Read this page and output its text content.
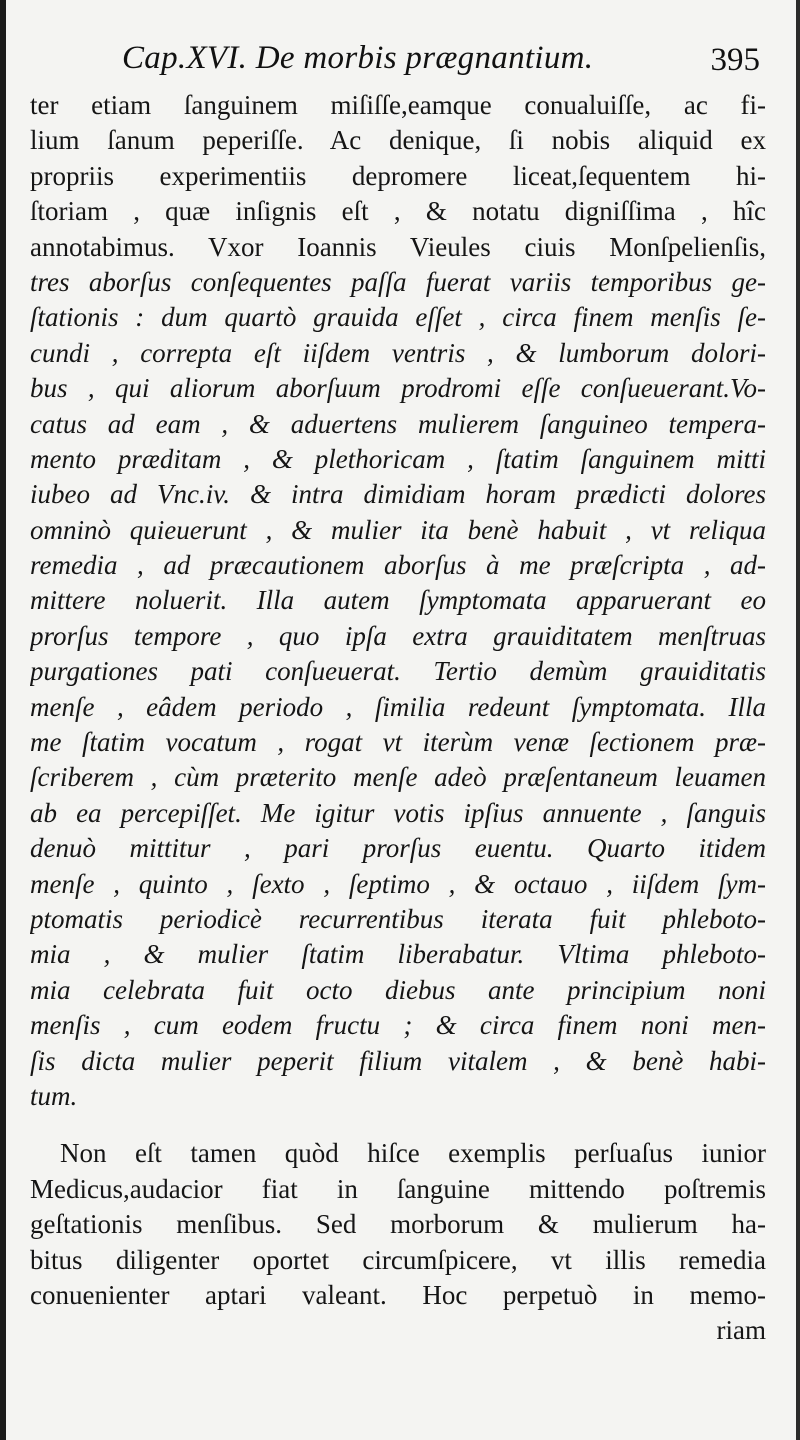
Cap.XVI. De morbis prægnantium.	395
ter etiam ſanguinem miſiſſe,eamque conualuiſſe, ac fi-
lium ſanum peperiſſe. Ac denique, ſi nobis aliquid ex
propriis experimentiis depromere liceat,ſequentem hi-
ſtoriam , quæ inſignis eſt , & notatu digniſſima , hîc
annotabimus. Vxor Ioannis Vieules ciuis Monſpelienſis,
tres aborſus conſequentes paſſa fuerat variis temporibus ge-
ſtationis : dum quartò grauida eſſet , circa finem menſis ſe-
cundi , correpta eſt iiſdem ventris , & lumborum dolori-
bus , qui aliorum aborſuum prodromi eſſe conſueuerant.Vo-
catus ad eam , & aduertens mulierem ſanguineo tempera-
mento præditam , & plethoricam , ſtatim ſanguinem mitti
iubeo ad Vnc.iv. & intra dimidiam horam prædicti dolores
omninò quieuerunt , & mulier ita benè habuit , vt reliqua
remedia , ad præcautionem aborſus à me præſcripta , ad-
mittere noluerit. Illa autem ſymptomata apparuerant eo
prorſus tempore , quo ipſa extra grauiditatem menſtruas
purgationes pati conſueuerat. Tertio demùm grauiditatis
menſe , eâdem periodo , ſimilia redeunt ſymptomata. Illa
me ſtatim vocatum , rogat vt iterùm venæ ſectionem præ-
ſcriberem , cùm præterito menſe adeò præſentaneum leuamen
ab ea percepiſſet. Me igitur votis ipſius annuente , ſanguis
denuò mittitur , pari prorſus euentu. Quarto itidem
menſe , quinto , ſexto , ſeptimo , & octauo , iiſdem ſym-
ptomatis periodicè recurrentibus iterata fuit phleboto-
mia , & mulier ſtatim liberabatur. Vltima phleboto-
mia celebrata fuit octo diebus ante principium noni
menſis , cum eodem fructu ; & circa finem noni men-
ſis dicta mulier peperit filium vitalem , & benè habi-
tum.
Non eſt tamen quòd hiſce exemplis perſuaſus iunior
Medicus,audacior fiat in ſanguine mittendo poſtremis
geſtationis menſibus. Sed morborum & mulierum ha-
bitus diligenter oportet circumſpicere, vt illis remedia
conuenienter aptari valeant. Hoc perpetuò in memo-
riam
